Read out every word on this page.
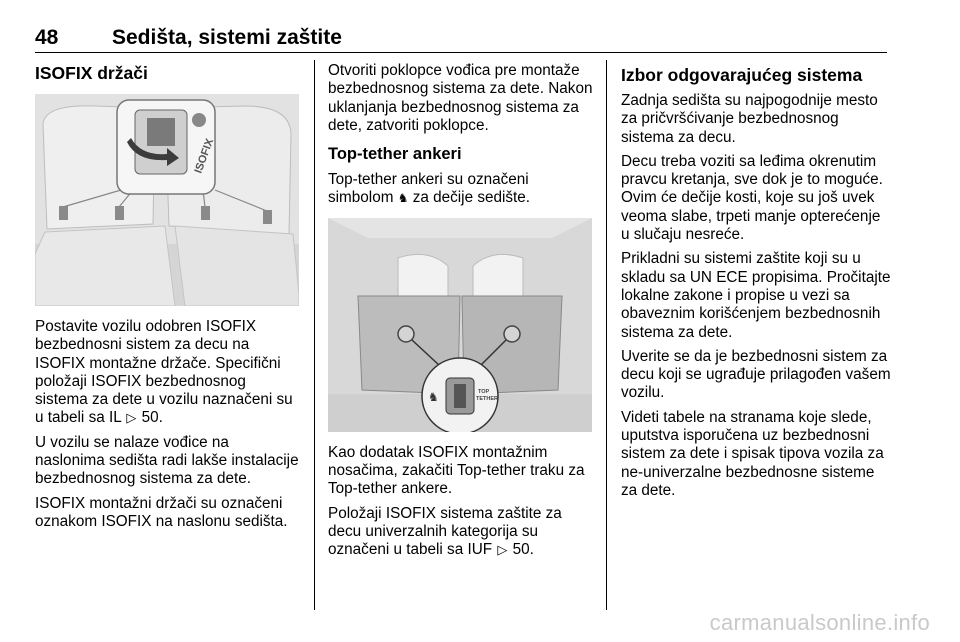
48	Sedišta, sistemi zaštite
ISOFIX držači
ISOFIX

Postavite vozilu odobren ISOFIX bezbednosni sistem za decu na ISOFIX montažne držače. Specifični položaji ISOFIX bezbednosnog sistema za dete u vozilu naznačeni su u tabeli sa IL ▷ 50.

U vozilu se nalaze vođice na naslonima sedišta radi lakše instalacije bezbednosnog sistema za dete.

ISOFIX montažni držači su označeni oznakom ISOFIX na naslonu sedišta.

Otvoriti poklopce vođica pre montaže bezbednosnog sistema za dete. Nakon uklanjanja bezbednosnog sistema za dete, zatvoriti poklopce.

Top-tether ankeri

Top-tether ankeri su označeni simbolom ♞ za dečije sedište.

♞	TOP
TETHER

Kao dodatak ISOFIX montažnim nosačima, zakačiti Top-tether traku za Top-tether ankere.

Položaji ISOFIX sistema zaštite za decu univerzalnih kategorija su označeni u tabeli sa IUF ▷ 50.

Izbor odgovarajućeg sistema

Zadnja sedišta su najpogodnije mesto za pričvršćivanje bezbednosnog sistema za decu.

Decu treba voziti sa leđima okrenutim pravcu kretanja, sve dok je to moguće. Ovim će dečije kosti, koje su još uvek veoma slabe, trpeti manje opterećenje u slučaju nesreće.

Prikladni su sistemi zaštite koji su u skladu sa UN ECE propisima. Pročitajte lokalne zakone i propise u vezi sa obaveznim korišćenjem bezbednosnih sistema za dete.

Uverite se da je bezbednosni sistem za decu koji se ugrađuje prilagođen vašem vozilu.

Videti tabele na stranama koje slede, uputstva isporučena uz bezbednosni sistem za dete i spisak tipova vozila za ne-univerzalne bezbednosne sisteme za dete.

carmanualsonline.info
